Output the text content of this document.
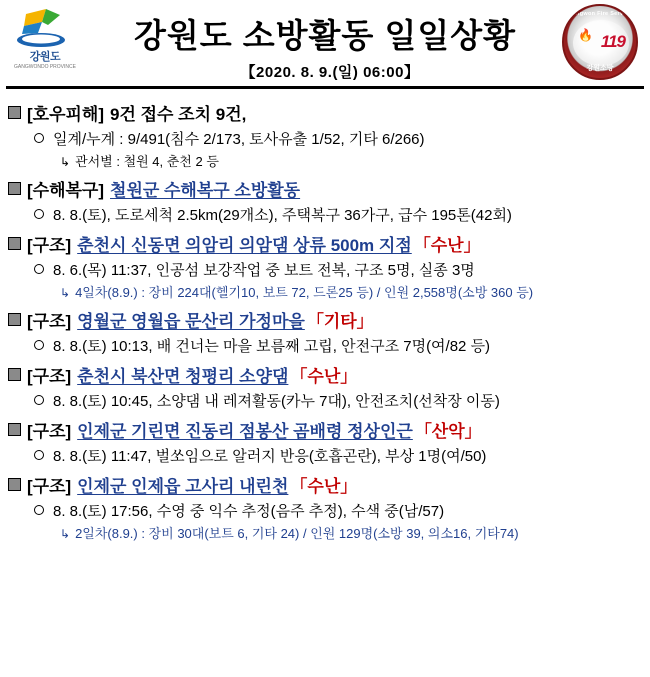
강원도
GANGWONDO PROVINCE
강원도 소방활동 일일상황
【2020. 8. 9.(일) 06:00】
Gangwon Fire Service
🔥 119
강원소방
[호우피해] 9건 접수 조치 9건,
일계/누계 : 9/491(침수 2/173, 토사유출 1/52, 기타 6/266)
↳ 관서별 : 철원 4, 춘천 2 등
[수해복구] 철원군 수해복구 소방활동
8. 8.(토), 도로세척 2.5km(29개소), 주택복구 36가구, 급수 195톤(42회)
[구조] 춘천시 신동면 의암리 의암댐 상류 500m 지점 「수난」
8. 6.(목) 11:37, 인공섬 보강작업 중 보트 전복, 구조 5명, 실종 3명
↳ 4일차(8.9.) : 장비 224대(헬기10, 보트 72, 드론25 등) / 인원 2,558명(소방 360 등)
[구조] 영월군 영월읍 문산리 가정마을 「기타」
8. 8.(토) 10:13, 배 건너는 마을 보름째 고립, 안전구조 7명(여/82 등)
[구조] 춘천시 북산면 청평리 소양댐 「수난」
8. 8.(토) 10:45, 소양댐 내 레져활동(카누 7대), 안전조치(선착장 이동)
[구조] 인제군 기린면 진동리 점봉산 곰배령 정상인근 「산악」
8. 8.(토) 11:47, 벌쏘임으로 알러지 반응(호흡곤란), 부상 1명(여/50)
[구조] 인제군 인제읍 고사리 내린천 「수난」
8. 8.(토) 17:56, 수영 중 익수 추정(음주 추정), 수색 중(남/57)
↳ 2일차(8.9.) : 장비 30대(보트 6, 기타 24) / 인원 129명(소방 39, 의소16, 기타74)
